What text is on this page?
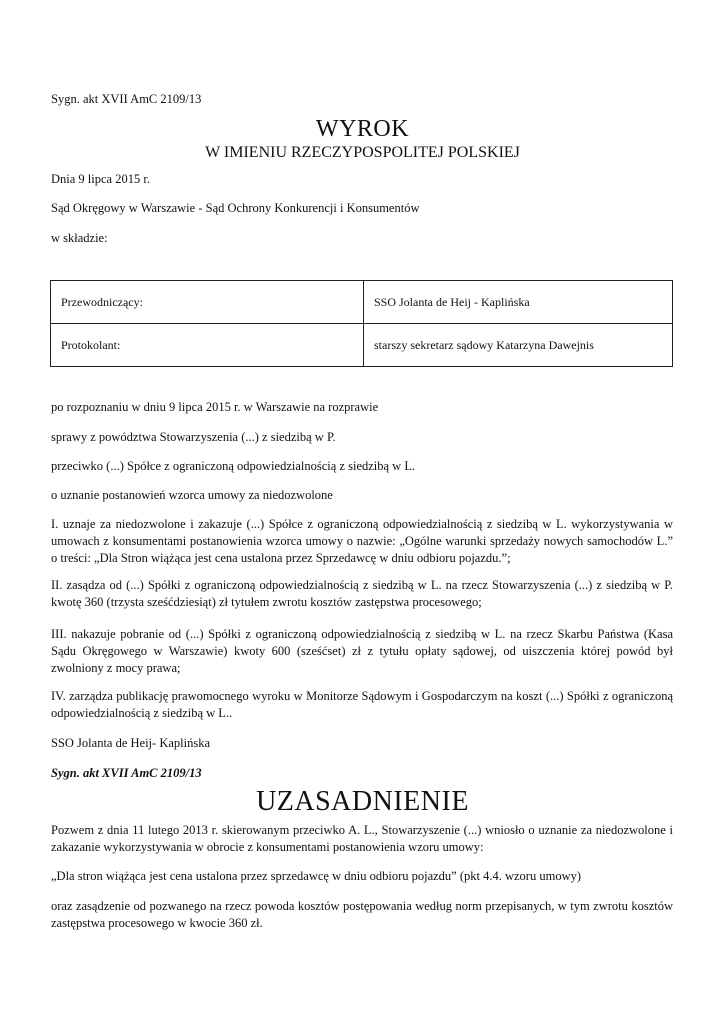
Sygn. akt XVII AmC 2109/13
WYROK
W IMIENIU RZECZYPOSPOLITEJ POLSKIEJ
Dnia 9 lipca 2015 r.
Sąd Okręgowy w Warszawie - Sąd Ochrony Konkurencji i Konsumentów
w składzie:
Przewodniczący:	SSO Jolanta de Heij - Kaplińska
Protokolant:	starszy sekretarz sądowy Katarzyna Dawejnis
po rozpoznaniu w dniu 9 lipca 2015 r. w Warszawie na rozprawie
sprawy z powództwa Stowarzyszenia (...) z siedzibą w P.
przeciwko (...) Spółce z ograniczoną odpowiedzialnością z siedzibą w L.
o uznanie postanowień wzorca umowy za niedozwolone
I. uznaje za niedozwolone i zakazuje (...) Spółce z ograniczoną odpowiedzialnością z siedzibą w L. wykorzystywania w umowach z konsumentami postanowienia wzorca umowy o nazwie: „Ogólne warunki sprzedaży nowych samochodów L.” o treści: „Dla Stron wiążąca jest cena ustalona przez Sprzedawcę w dniu odbioru pojazdu.”;
II. zasądza od (...) Spółki z ograniczoną odpowiedzialnością z siedzibą w L. na rzecz Stowarzyszenia (...) z siedzibą w P. kwotę 360 (trzysta sześćdziesiąt) zł tytułem zwrotu kosztów zastępstwa procesowego;
III. nakazuje pobranie od (...) Spółki z ograniczoną odpowiedzialnością z siedzibą w L. na rzecz Skarbu Państwa (Kasa Sądu Okręgowego w Warszawie) kwoty 600 (sześćset) zł z tytułu opłaty sądowej, od uiszczenia której powód był zwolniony z mocy prawa;
IV. zarządza publikację prawomocnego wyroku w Monitorze Sądowym i Gospodarczym na koszt (...) Spółki z ograniczoną odpowiedzialnością z siedzibą w L..
SSO Jolanta de Heij- Kaplińska
Sygn. akt XVII AmC 2109/13
UZASADNIENIE
Pozwem z dnia 11 lutego 2013 r. skierowanym przeciwko A. L., Stowarzyszenie (...) wniosło o uznanie za niedozwolone i zakazanie wykorzystywania w obrocie z konsumentami postanowienia wzoru umowy:
„Dla stron wiążąca jest cena ustalona przez sprzedawcę w dniu odbioru pojazdu” (pkt 4.4. wzoru umowy)
oraz zasądzenie od pozwanego na rzecz powoda kosztów postępowania według norm przepisanych, w tym zwrotu kosztów zastępstwa procesowego w kwocie 360 zł.
